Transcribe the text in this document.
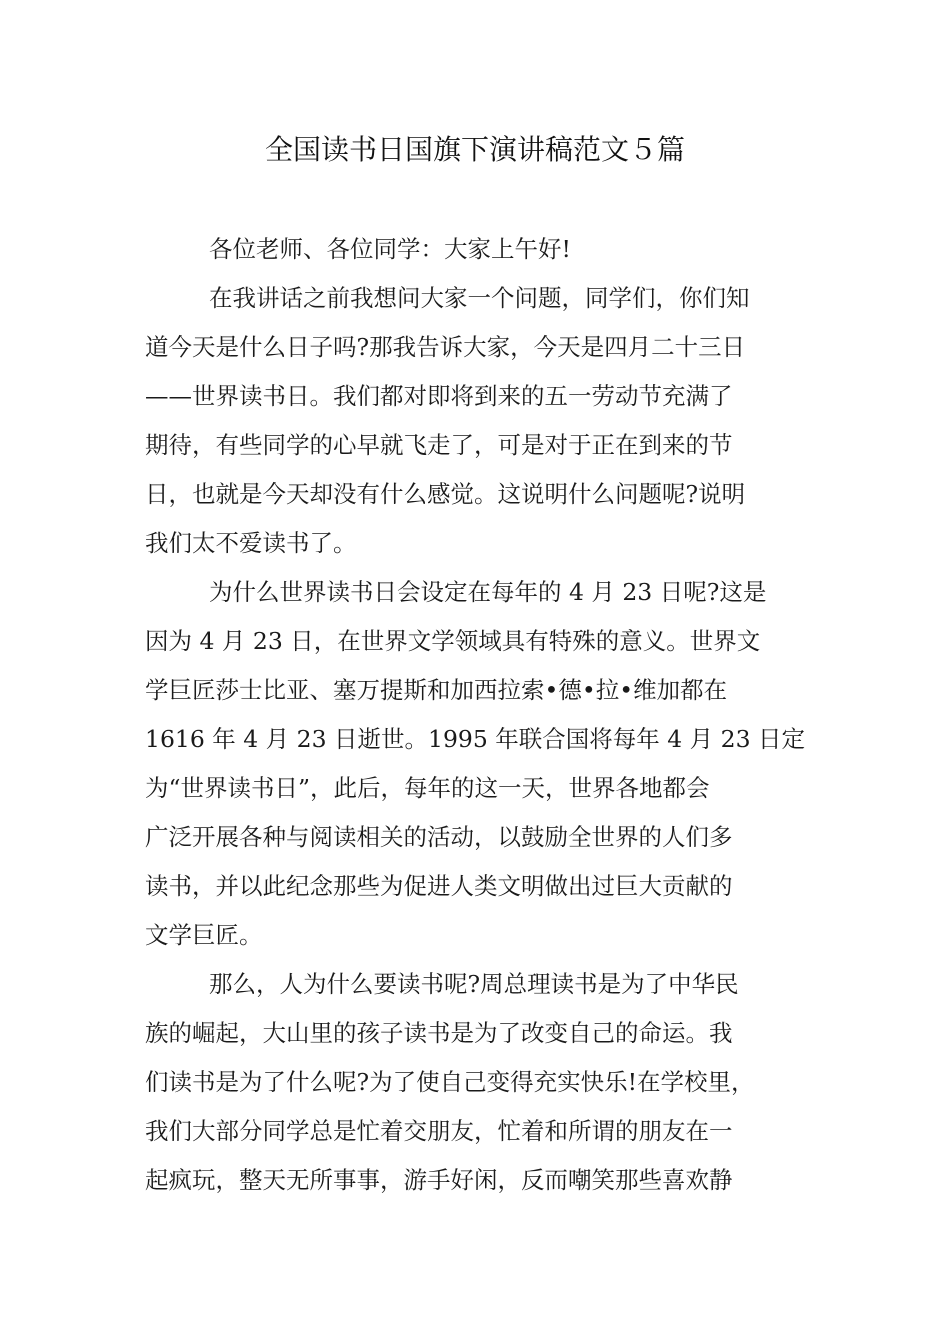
全国读书日国旗下演讲稿范文５篇
各位老师、各位同学：大家上午好!
在我讲话之前我想问大家一个问题，同学们，你们知
道今天是什么日子吗?那我告诉大家，今天是四月二十三日
——世界读书日。我们都对即将到来的五一劳动节充满了
期待，有些同学的心早就飞走了，可是对于正在到来的节
日，也就是今天却没有什么感觉。这说明什么问题呢?说明
我们太不爱读书了。
为什么世界读书日会设定在每年的 4 月 23 日呢?这是
因为 4 月 23 日，在世界文学领域具有特殊的意义。世界文
学巨匠莎士比亚、塞万提斯和加西拉索•德•拉•维加都在
1616 年 4 月 23 日逝世。1995 年联合国将每年 4 月 23 日定
为“世界读书日”，此后，每年的这一天，世界各地都会
广泛开展各种与阅读相关的活动，以鼓励全世界的人们多
读书，并以此纪念那些为促进人类文明做出过巨大贡献的
文学巨匠。
那么，人为什么要读书呢?周总理读书是为了中华民
族的崛起，大山里的孩子读书是为了改变自己的命运。我
们读书是为了什么呢?为了使自己变得充实快乐!在学校里，
我们大部分同学总是忙着交朋友，忙着和所谓的朋友在一
起疯玩，整天无所事事，游手好闲，反而嘲笑那些喜欢静
